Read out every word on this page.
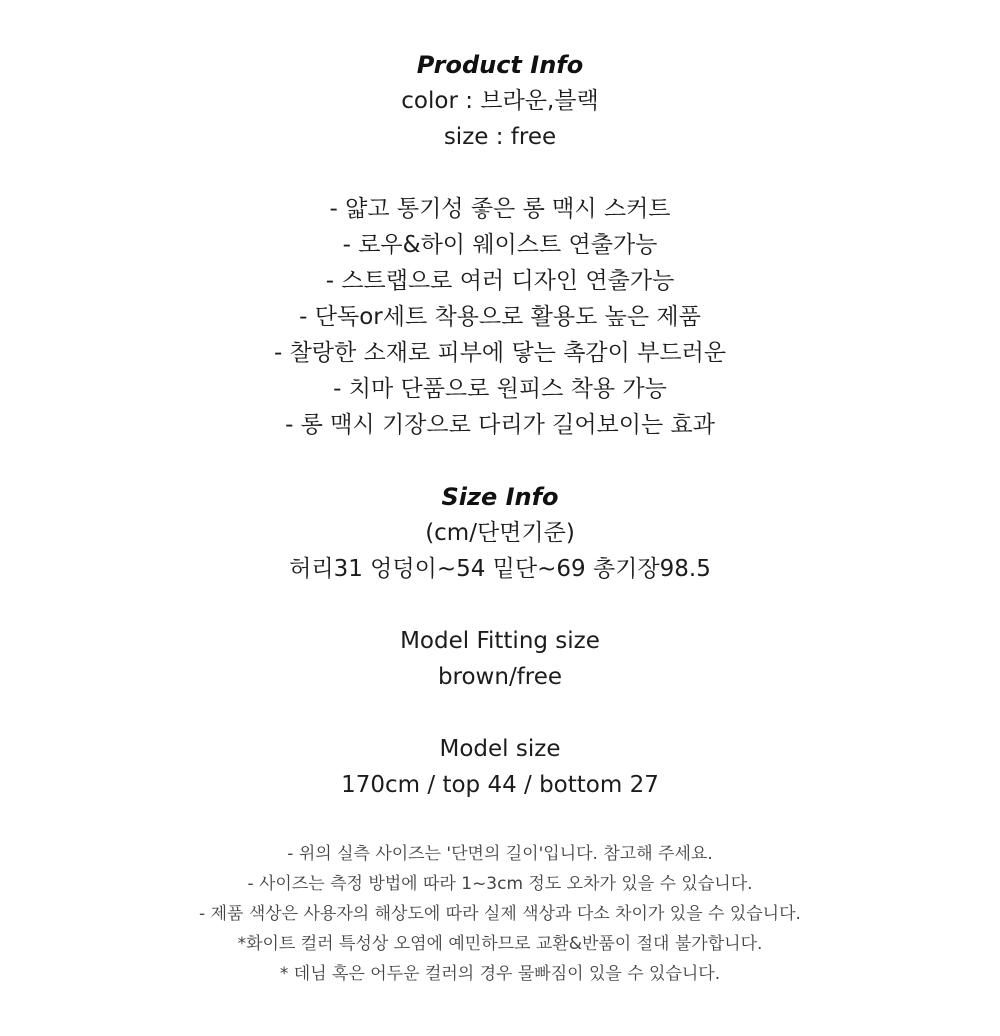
Product Info
color : 브라운,블랙
size : free
- 얇고 통기성 좋은 롱 맥시 스커트
- 로우&하이 웨이스트 연출가능
- 스트랩으로 여러 디자인 연출가능
- 단독or세트 착용으로 활용도 높은 제품
- 찰랑한 소재로 피부에 닿는 촉감이 부드러운
- 치마 단품으로 원피스 착용 가능
- 롱 맥시 기장으로 다리가 길어보이는 효과
Size Info
(cm/단면기준)
허리31 엉덩이~54 밑단~69 총기장98.5
Model Fitting size
brown/free
Model size
170cm / top 44 / bottom 27
- 위의 실측 사이즈는 '단면의 길이'입니다. 참고해 주세요.
- 사이즈는 측정 방법에 따라 1~3cm 정도 오차가 있을 수 있습니다.
- 제품 색상은 사용자의 해상도에 따라 실제 색상과 다소 차이가 있을 수 있습니다.
*화이트 컬러 특성상 오염에 예민하므로 교환&반품이 절대 불가합니다.
* 데님 혹은 어두운 컬러의 경우 물빠짐이 있을 수 있습니다.
